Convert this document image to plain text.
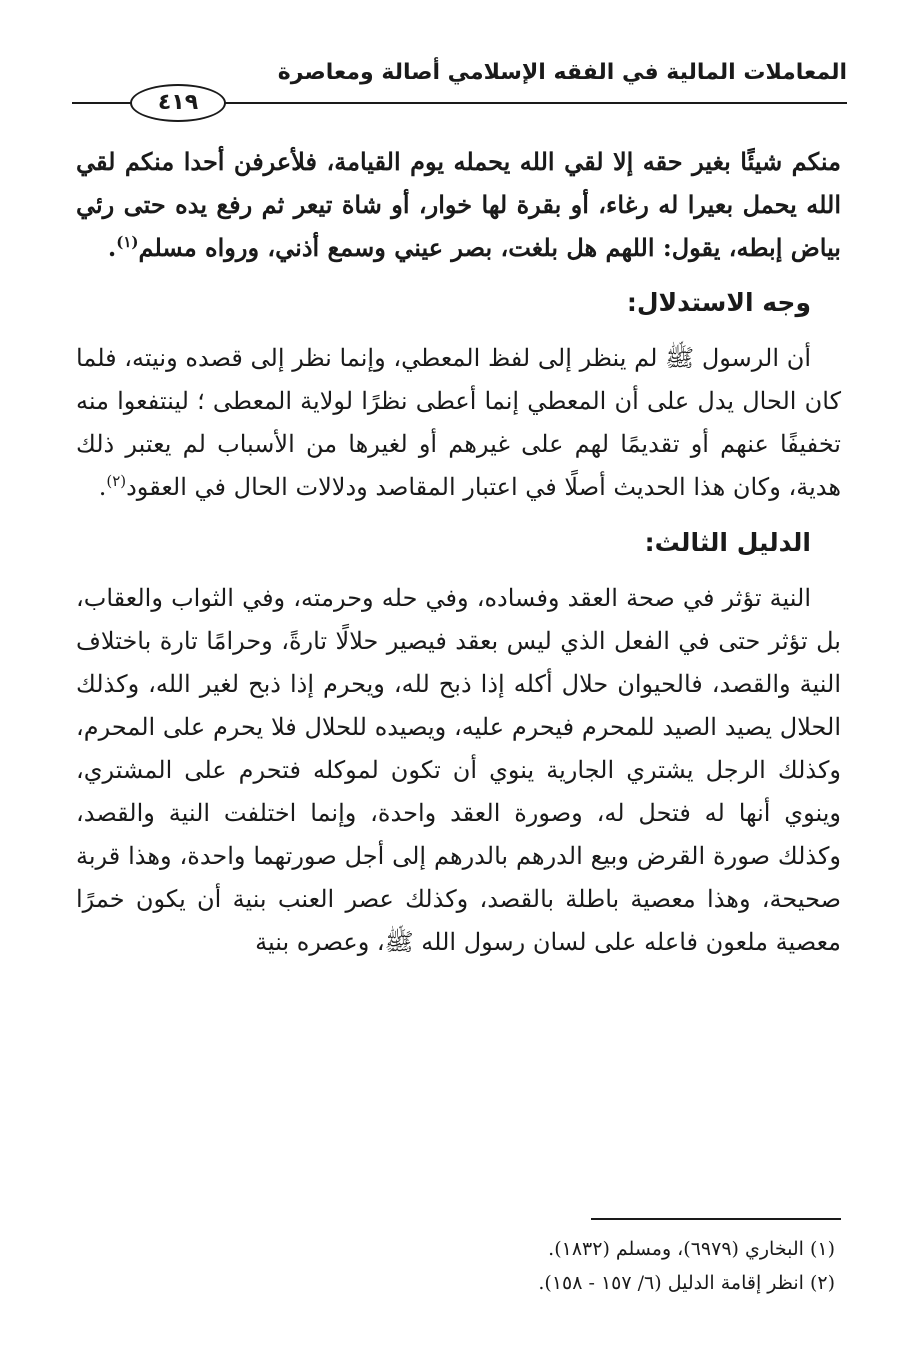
المعاملات المالية في الفقه الإسلامي أصالة ومعاصرة
٤١٩

منكم شيئًا بغير حقه إلا لقي الله يحمله يوم القيامة، فلأعرفن أحدا منكم لقي الله يحمل بعيرا له رغاء، أو بقرة لها خوار، أو شاة تيعر ثم رفع يده حتى رئي بياض إبطه، يقول: اللهم هل بلغت، بصر عيني وسمع أذني، ورواه مسلم$^{(١)}$.

وجه الاستدلال:

أن الرسول ﷺ لم ينظر إلى لفظ المعطي، وإنما نظر إلى قصده ونيته، فلما كان الحال يدل على أن المعطي إنما أعطى نظرًا لولاية المعطى ؛ لينتفعوا منه تخفيفًا عنهم أو تقديمًا لهم على غيرهم أو لغيرها من الأسباب لم يعتبر ذلك هدية، وكان هذا الحديث أصلًا في اعتبار المقاصد ودلالات الحال في العقود$^{(٢)}$.

الدليل الثالث:

النية تؤثر في صحة العقد وفساده، وفي حله وحرمته، وفي الثواب والعقاب، بل تؤثر حتى في الفعل الذي ليس بعقد فيصير حلالًا تارةً، وحرامًا تارة باختلاف النية والقصد، فالحيوان حلال أكله إذا ذبح لله، ويحرم إذا ذبح لغير الله، وكذلك الحلال يصيد الصيد للمحرم فيحرم عليه، ويصيده للحلال فلا يحرم على المحرم، وكذلك الرجل يشتري الجارية ينوي أن تكون لموكله فتحرم على المشتري، وينوي أنها له فتحل له، وصورة العقد واحدة، وإنما اختلفت النية والقصد، وكذلك صورة القرض وبيع الدرهم بالدرهم إلى أجل صورتهما واحدة، وهذا قربة صحيحة، وهذا معصية باطلة بالقصد، وكذلك عصر العنب بنية أن يكون خمرًا معصية ملعون فاعله على لسان رسول الله ﷺ، وعصره بنية

(١) البخاري (٦٩٧٩)، ومسلم (١٨٣٢).

(٢) انظر إقامة الدليل (٦/ ١٥٧ - ١٥٨).
